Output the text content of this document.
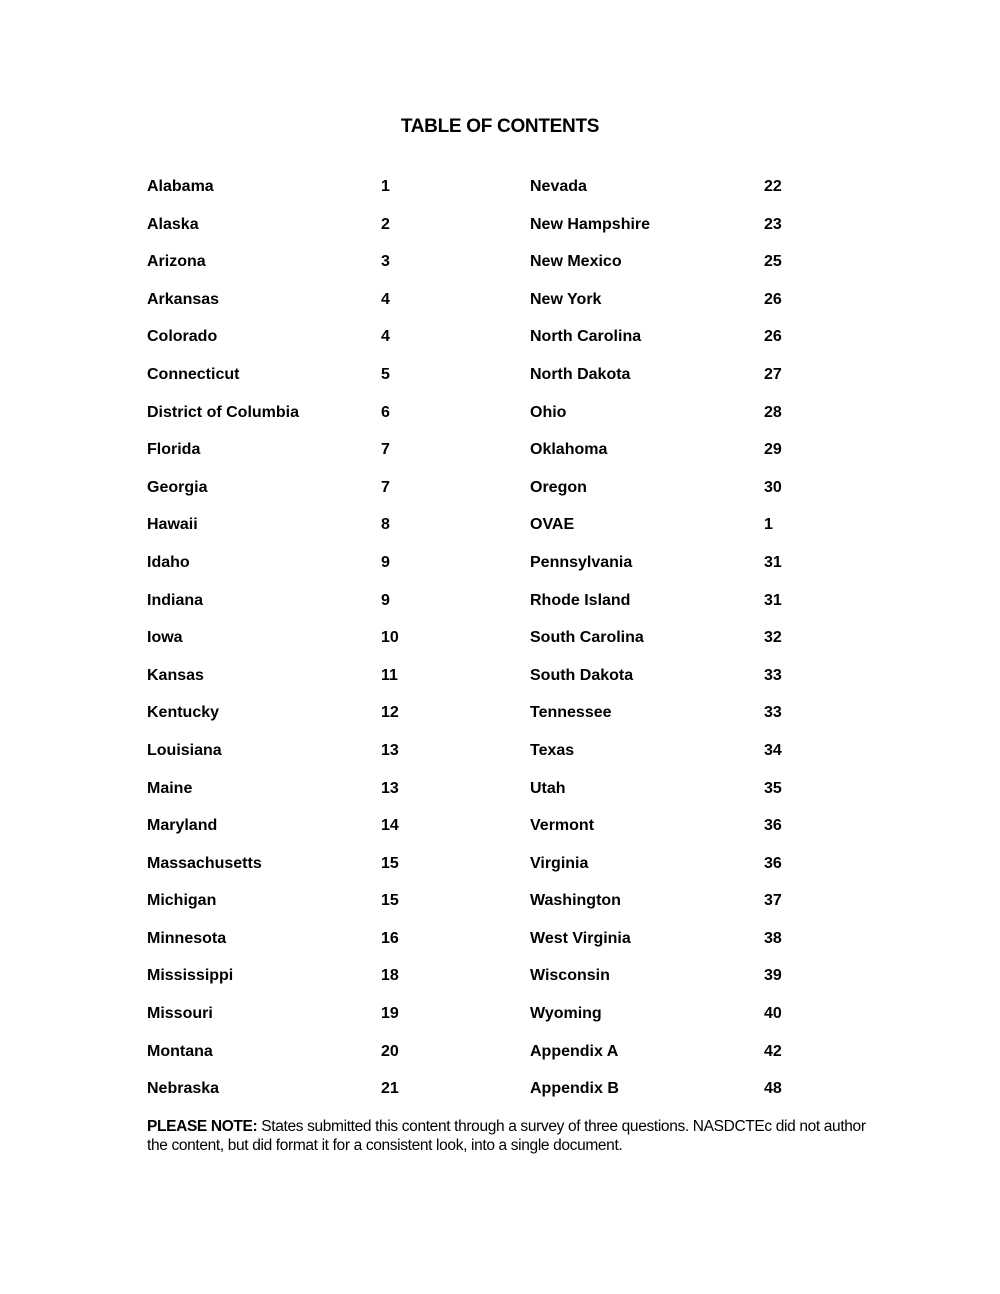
TABLE OF CONTENTS
Alabama	1
Alaska	2
Arizona	3
Arkansas	4
Colorado	4
Connecticut	5
District of Columbia	6
Florida	7
Georgia	7
Hawaii	8
Idaho	9
Indiana	9
Iowa	10
Kansas	11
Kentucky	12
Louisiana	13
Maine	13
Maryland	14
Massachusetts	15
Michigan	15
Minnesota	16
Mississippi	18
Missouri	19
Montana	20
Nebraska	21
Nevada	22
New Hampshire	23
New Mexico	25
New York	26
North Carolina	26
North Dakota	27
Ohio	28
Oklahoma	29
Oregon	30
OVAE	1
Pennsylvania	31
Rhode Island	31
South Carolina	32
South Dakota	33
Tennessee	33
Texas	34
Utah	35
Vermont	36
Virginia	36
Washington	37
West Virginia	38
Wisconsin	39
Wyoming	40
Appendix A	42
Appendix B	48
PLEASE NOTE: States submitted this content through a survey of three questions. NASDCTEc did not author the content, but did format it for a consistent look, into a single document.
